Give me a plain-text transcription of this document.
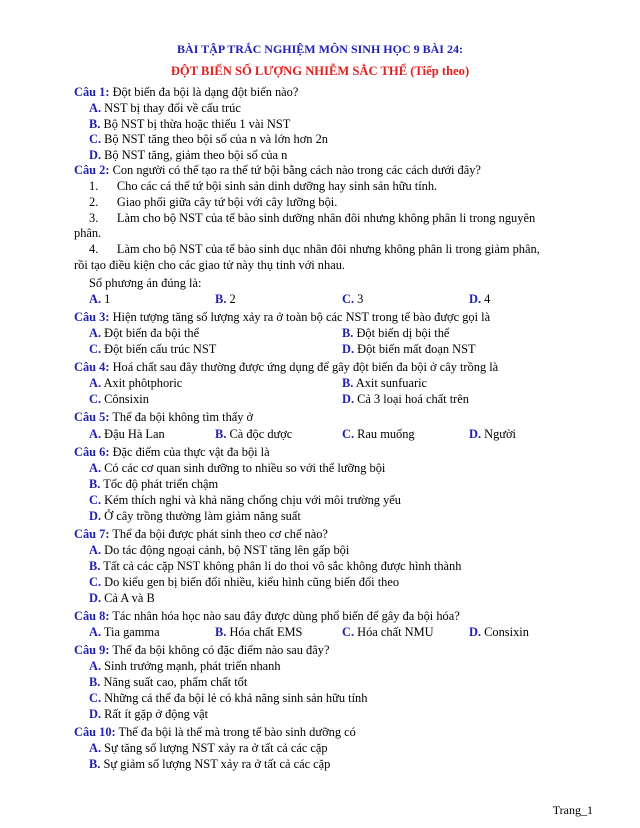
BÀI TẬP TRẮC NGHIỆM MÔN SINH HỌC 9 BÀI 24:
ĐỘT BIẾN SỐ LƯỢNG NHIỄM SẮC THỂ (Tiếp theo)
Câu 1: Đột biến đa bội là dạng đột biến nào?
A. NST bị thay đổi về cấu trúc
B. Bộ NST bị thừa hoặc thiếu 1 vài NST
C. Bộ NST tăng theo bội số của n và lớn hơn 2n
D. Bộ NST tăng, giảm theo bội số của n
Câu 2: Con người có thể tạo ra thể tứ bội bằng cách nào trong các cách dưới đây?
1.      Cho các cá thể tứ bội sinh sản dinh dưỡng hay sinh sản hữu tính.
2.      Giao phối giữa cây tứ bội với cây lưỡng bội.
3.      Làm cho bộ NST của tế bào sinh dưỡng nhân đôi nhưng không phân li trong nguyên
phân.
4.      Làm cho bộ NST của tế bào sinh dục nhân đôi nhưng không phân li trong giảm phân,
rồi tạo điều kiện cho các giao tử này thụ tinh với nhau.
Số phương án đúng là:
A. 1	B. 2	C. 3	D. 4
Câu 3: Hiện tượng tăng số lượng xảy ra ở toàn bộ các NST trong tế bào được gọi là
A. Đột biến đa bội thể	B. Đột biến dị bội thể
C. Đột biến cấu trúc NST	D. Đột biến mất đoạn NST
Câu 4: Hoá chất sau đây thường được ứng dụng để gây đột biến đa bội ở cây trồng là
A. Axit phôtphoric	B. Axit sunfuaric
C. Cônsixin	D. Cả 3 loại hoá chất trên
Câu 5: Thể đa bội không tìm thấy ở
A. Đậu Hà Lan	B. Cà độc dược	C. Rau muống	D. Người
Câu 6: Đặc điểm của thực vật đa bội là
A. Có các cơ quan sinh dưỡng to nhiều so với thể lưỡng bội
B. Tốc độ phát triển chậm
C. Kém thích nghi và khả năng chống chịu với môi trường yếu
D. Ở cây trồng thường làm giảm năng suất
Câu 7: Thể đa bội được phát sinh theo cơ chế nào?
A. Do tác động ngoại cảnh, bộ NST tăng lên gấp bội
B. Tất cả các cặp NST không phân li do thoi vô sắc không được hình thành
C. Do kiểu gen bị biến đổi nhiều, kiểu hình cũng biến đổi theo
D. Cả A và B
Câu 8: Tác nhân hóa học nào sau đây được dùng phổ biến để gây đa bội hóa?
A. Tia gamma	B. Hóa chất EMS	C. Hóa chất NMU	D. Consixin
Câu 9: Thể đa bội không có đặc điểm nào sau đây?
A. Sinh trưởng mạnh, phát triển nhanh
B. Năng suất cao, phẩm chất tốt
C. Những cá thể đa bội lẻ có khả năng sinh sản hữu tính
D. Rất ít gặp ở động vật
Câu 10: Thể đa bội là thể mà trong tế bào sinh dưỡng có
A. Sự tăng số lượng NST xảy ra ở tất cả các cặp
B. Sự giảm số lượng NST xảy ra ở tất cả các cặp
Trang_1
